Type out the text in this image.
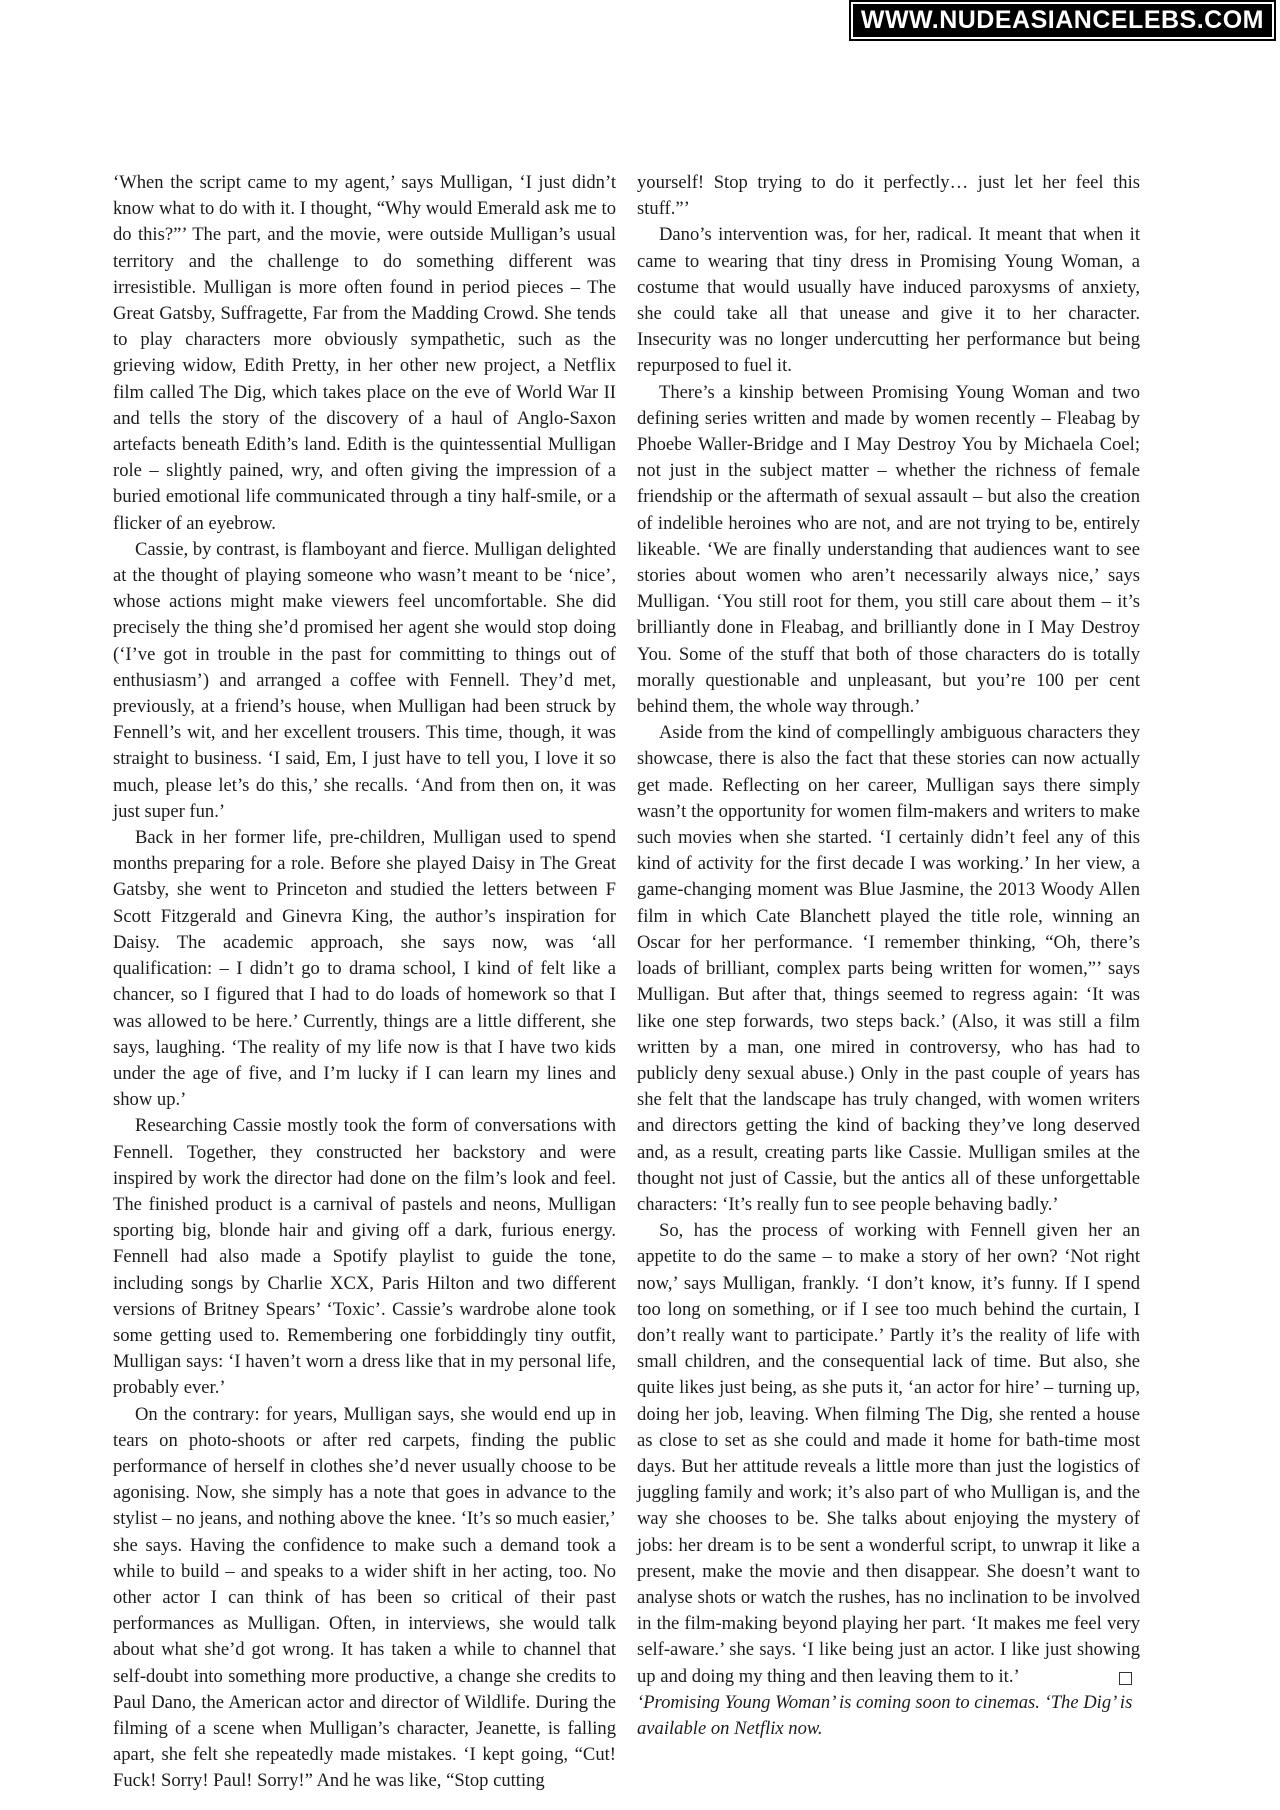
WWW.NUDEASIANCELEBS.COM

‘When the script came to my agent,’ says Mulligan, ‘I just didn’t know what to do with it. I thought, “Why would Emerald ask me to do this?”’ The part, and the movie, were outside Mulligan’s usual territory and the challenge to do something different was irresistible. Mulligan is more often found in period pieces – The Great Gatsby, Suffragette, Far from the Madding Crowd. She tends to play characters more obviously sympathetic, such as the grieving widow, Edith Pretty, in her other new project, a Netflix film called The Dig, which takes place on the eve of World War II and tells the story of the discovery of a haul of Anglo-Saxon artefacts beneath Edith’s land. Edith is the quintessential Mulligan role – slightly pained, wry, and often giving the impression of a buried emotional life communicated through a tiny half-smile, or a flicker of an eyebrow.

Cassie, by contrast, is flamboyant and fierce. Mulligan delighted at the thought of playing someone who wasn’t meant to be ‘nice’, whose actions might make viewers feel uncomfortable. She did precisely the thing she’d promised her agent she would stop doing (‘I’ve got in trouble in the past for committing to things out of enthusiasm’) and arranged a coffee with Fennell. They’d met, previously, at a friend’s house, when Mulligan had been struck by Fennell’s wit, and her excellent trousers. This time, though, it was straight to business. ‘I said, Em, I just have to tell you, I love it so much, please let’s do this,’ she recalls. ‘And from then on, it was just super fun.’

Back in her former life, pre-children, Mulligan used to spend months preparing for a role. Before she played Daisy in The Great Gatsby, she went to Princeton and studied the letters between F Scott Fitzgerald and Ginevra King, the author’s inspiration for Daisy. The academic approach, she says now, was ‘all qualification: – I didn’t go to drama school, I kind of felt like a chancer, so I figured that I had to do loads of homework so that I was allowed to be here.’ Currently, things are a little different, she says, laughing. ‘The reality of my life now is that I have two kids under the age of five, and I’m lucky if I can learn my lines and show up.’

Researching Cassie mostly took the form of conversations with Fennell. Together, they constructed her backstory and were inspired by work the director had done on the film’s look and feel. The finished product is a carnival of pastels and neons, Mulligan sporting big, blonde hair and giving off a dark, furious energy. Fennell had also made a Spotify playlist to guide the tone, including songs by Charlie XCX, Paris Hilton and two different versions of Britney Spears’ ‘Toxic’. Cassie’s wardrobe alone took some getting used to. Remembering one forbiddingly tiny outfit, Mulligan says: ‘I haven’t worn a dress like that in my personal life, probably ever.’

On the contrary: for years, Mulligan says, she would end up in tears on photo-shoots or after red carpets, finding the public performance of herself in clothes she’d never usually choose to be agonising. Now, she simply has a note that goes in advance to the stylist – no jeans, and nothing above the knee. ‘It’s so much easier,’ she says. Having the confidence to make such a demand took a while to build – and speaks to a wider shift in her acting, too. No other actor I can think of has been so critical of their past performances as Mulligan. Often, in interviews, she would talk about what she’d got wrong. It has taken a while to channel that self-doubt into something more productive, a change she credits to Paul Dano, the American actor and director of Wildlife. During the filming of a scene when Mulligan’s character, Jeanette, is falling apart, she felt she repeatedly made mistakes. ‘I kept going, “Cut! Fuck! Sorry! Paul! Sorry!” And he was like, “Stop cutting

yourself! Stop trying to do it perfectly… just let her feel this stuff.”’

Dano’s intervention was, for her, radical. It meant that when it came to wearing that tiny dress in Promising Young Woman, a costume that would usually have induced paroxysms of anxiety, she could take all that unease and give it to her character. Insecurity was no longer undercutting her performance but being repurposed to fuel it.

There’s a kinship between Promising Young Woman and two defining series written and made by women recently – Fleabag by Phoebe Waller-Bridge and I May Destroy You by Michaela Coel; not just in the subject matter – whether the richness of female friendship or the aftermath of sexual assault – but also the creation of indelible heroines who are not, and are not trying to be, entirely likeable. ‘We are finally understanding that audiences want to see stories about women who aren’t necessarily always nice,’ says Mulligan. ‘You still root for them, you still care about them – it’s brilliantly done in Fleabag, and brilliantly done in I May Destroy You. Some of the stuff that both of those characters do is totally morally questionable and unpleasant, but you’re 100 per cent behind them, the whole way through.’

Aside from the kind of compellingly ambiguous characters they showcase, there is also the fact that these stories can now actually get made. Reflecting on her career, Mulligan says there simply wasn’t the opportunity for women film-makers and writers to make such movies when she started. ‘I certainly didn’t feel any of this kind of activity for the first decade I was working.’ In her view, a game-changing moment was Blue Jasmine, the 2013 Woody Allen film in which Cate Blanchett played the title role, winning an Oscar for her performance. ‘I remember thinking, “Oh, there’s loads of brilliant, complex parts being written for women,”’ says Mulligan. But after that, things seemed to regress again: ‘It was like one step forwards, two steps back.’ (Also, it was still a film written by a man, one mired in controversy, who has had to publicly deny sexual abuse.) Only in the past couple of years has she felt that the landscape has truly changed, with women writers and directors getting the kind of backing they’ve long deserved and, as a result, creating parts like Cassie. Mulligan smiles at the thought not just of Cassie, but the antics all of these unforgettable characters: ‘It’s really fun to see people behaving badly.’

So, has the process of working with Fennell given her an appetite to do the same – to make a story of her own? ‘Not right now,’ says Mulligan, frankly. ‘I don’t know, it’s funny. If I spend too long on something, or if I see too much behind the curtain, I don’t really want to participate.’ Partly it’s the reality of life with small children, and the consequential lack of time. But also, she quite likes just being, as she puts it, ‘an actor for hire’ – turning up, doing her job, leaving. When filming The Dig, she rented a house as close to set as she could and made it home for bath-time most days. But her attitude reveals a little more than just the logistics of juggling family and work; it’s also part of who Mulligan is, and the way she chooses to be. She talks about enjoying the mystery of jobs: her dream is to be sent a wonderful script, to unwrap it like a present, make the movie and then disappear. She doesn’t want to analyse shots or watch the rushes, has no inclination to be involved in the film-making beyond playing her part. ‘It makes me feel very self-aware.’ she says. ‘I like being just an actor. I like just showing up and doing my thing and then leaving them to it.’

‘Promising Young Woman’ is coming soon to cinemas. ‘The Dig’ is available on Netflix now.
